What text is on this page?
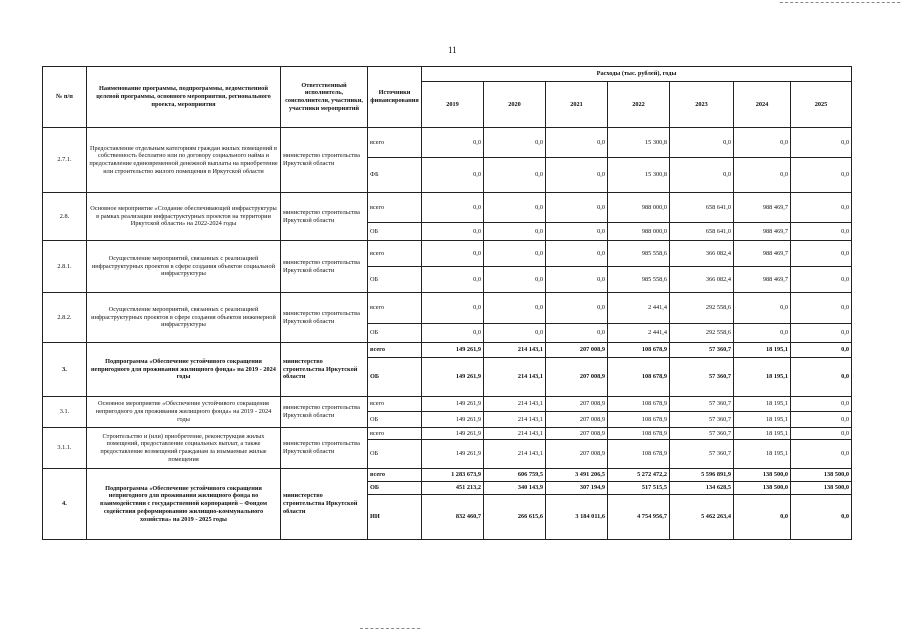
11
№ п/п	Наименование программы, подпрограммы, ведомственной целевой программы, основного мероприятия, регионального проекта, мероприятия	Ответственный исполнитель, соисполнители, участники, участники мероприятий	Источники финансирования	Расходы (тыс. рублей), годы						
				2019	2020	2021	2022	2023	2024	2025
2.7.1.	Предоставление отдельным категориям граждан жилых помещений в собственность бесплатно или по договору социального найма и предоставление единовременной денежной выплаты на приобретение или строительство жилого помещения в Иркутской области	министерство строительства Иркутской области	всего	0,0	0,0	0,0	15 300,8	0,0	0,0	0,0
			ФБ	0,0	0,0	0,0	15 300,8	0,0	0,0	0,0
2.8.	Основное мероприятие «Создание обеспечивающей инфраструктуры в рамках реализации инфраструктурных проектов на территории Иркутской области» на 2022-2024 годы	министерство строительства Иркутской области	всего	0,0	0,0	0,0	988 000,0	658 641,0	988 469,7	0,0
			ОБ	0,0	0,0	0,0	988 000,0	658 641,0	988 469,7	0,0
2.8.1.	Осуществление мероприятий, связанных с реализацией инфраструктурных проектов в сфере создания объектов социальной инфраструктуры	министерство строительства Иркутской области	всего	0,0	0,0	0,0	985 558,6	366 082,4	988 469,7	0,0
			ОБ	0,0	0,0	0,0	985 558,6	366 082,4	988 469,7	0,0
2.8.2.	Осуществление мероприятий, связанных с реализацией инфраструктурных проектов в сфере создания объектов инженерной инфраструктуры	министерство строительства Иркутской области	всего	0,0	0,0	0,0	2 441,4	292 558,6	0,0	0,0
			ОБ	0,0	0,0	0,0	2 441,4	292 558,6	0,0	0,0
3.	Подпрограмма «Обеспечение устойчивого сокращения непригодного для проживания жилищного фонда» на 2019 - 2024 годы	министерство строительства Иркутской области	всего	149 261,9	214 143,1	207 008,9	108 678,9	57 360,7	18 195,1	0,0
			ОБ	149 261,9	214 143,1	207 008,9	108 678,9	57 360,7	18 195,1	0,0
3.1.	Основное мероприятие «Обеспечение устойчивого сокращения непригодного для проживания жилищного фонда» на 2019 - 2024 годы	министерство строительства Иркутской области	всего	149 261,9	214 143,1	207 008,9	108 678,9	57 360,7	18 195,1	0,0
			ОБ	149 261,9	214 143,1	207 008,9	108 678,9	57 360,7	18 195,1	0,0
3.1.1.	Строительство и (или) приобретение, реконструкция жилых помещений, предоставление социальных выплат, а также предоставление возмещений гражданам за изымаемые жилые помещения	министерство строительства Иркутской области	всего	149 261,9	214 143,1	207 008,9	108 678,9	57 360,7	18 195,1	0,0
			ОБ	149 261,9	214 143,1	207 008,9	108 678,9	57 360,7	18 195,1	0,0
4.	Подпрограмма «Обеспечение устойчивого сокращения непригодного для проживания жилищного фонда во взаимодействии с государственной корпорацией – Фондом содействия реформированию жилищно-коммунального хозяйства» на 2019 - 2025 годы	министерство строительства Иркутской области	всего	1 283 673,9	606 759,5	3 491 206,5	5 272 472,2	5 596 891,9	138 500,0	138 500,0
			ОБ	451 213,2	340 143,9	307 194,9	517 515,5	134 628,5	138 500,0	138 500,0
			ИИ	832 460,7	266 615,6	3 184 011,6	4 754 956,7	5 462 263,4	0,0	0,0
